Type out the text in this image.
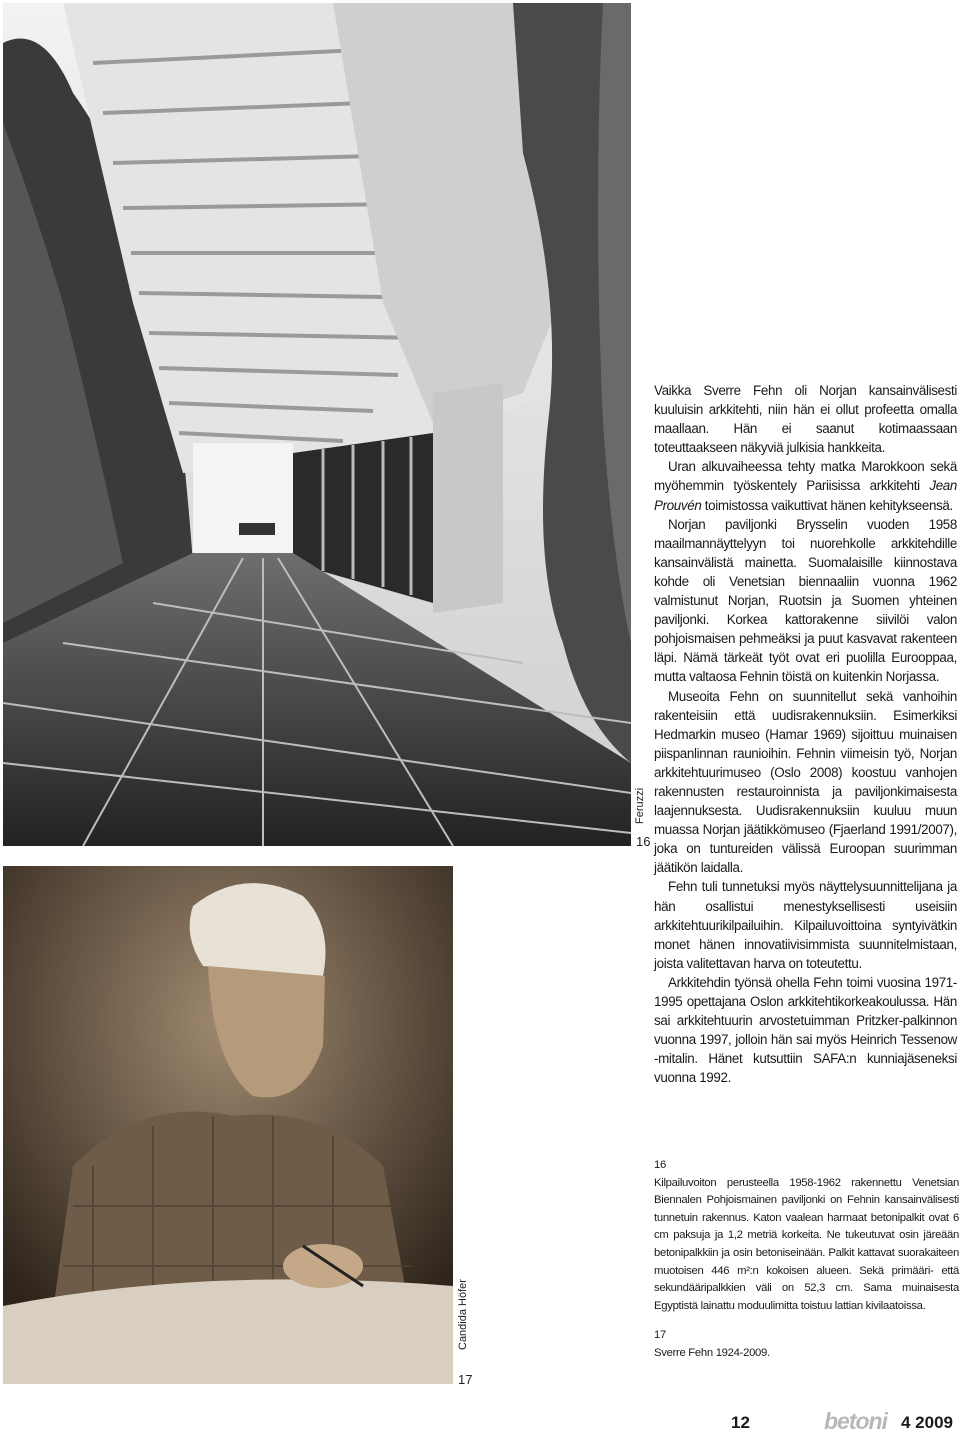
Feruzzi
16
Candida Höfer
17

Vaikka Sverre Fehn oli Norjan kansainvälisesti kuuluisin arkkitehti, niin hän ei ollut profeetta omalla maallaan. Hän ei saanut kotimaassaan toteuttaakseen näkyviä julkisia hankkeita.

Uran alkuvaiheessa tehty matka Marokkoon sekä myöhemmin työskentely Pariisissa arkkitehti Jean Prouvén toimistossa vaikuttivat hänen kehitykseensä.

Norjan paviljonki Brysselin vuoden 1958 maailmannäyttelyyn toi nuorehkolle arkkitehdille kansainvälistä mainetta. Suomalaisille kiinnostava kohde oli Venetsian biennaaliin vuonna 1962 valmistunut Norjan, Ruotsin ja Suomen yhteinen paviljonki. Korkea kattorakenne siivilöi valon pohjoismaisen pehmeäksi ja puut kasvavat rakenteen läpi. Nämä tärkeät työt ovat eri puolilla Eurooppaa, mutta valtaosa Fehnin töistä on kuitenkin Norjassa.

Museoita Fehn on suunnitellut sekä vanhoihin rakenteisiin että uudisrakennuksiin. Esimerkiksi Hedmarkin museo (Hamar 1969) sijoittuu muinaisen piispanlinnan raunioihin. Fehnin viimeisin työ, Norjan arkkitehtuurimuseo (Oslo 2008) koostuu vanhojen rakennusten restauroinnista ja paviljonkimaisesta laajennuksesta. Uudisrakennuksiin kuuluu muun muassa Norjan jäätikkömuseo (Fjaerland 1991/2007), joka on tuntureiden välissä Euroopan suurimman jäätikön laidalla.

Fehn tuli tunnetuksi myös näyttelysuunnittelijana ja hän osallistui menestyksellisesti useisiin arkkitehtuurikilpailuihin. Kilpailuvoittoina syntyivätkin monet hänen innovatiivisimmista suunnitelmistaan, joista valitettavan harva on toteutettu.

Arkkitehdin työnsä ohella Fehn toimi vuosina 1971-1995 opettajana Oslon arkkitehtikorkeakoulussa. Hän sai arkkitehtuurin arvostetuimman Pritzker-palkinnon vuonna 1997, jolloin hän sai myös Heinrich Tessenow -mitalin. Hänet kutsuttiin SAFA:n kunniajäseneksi vuonna 1992.

16
Kilpailuvoiton perusteella 1958-1962 rakennettu Venetsian Biennalen Pohjoismainen paviljonki on Fehnin kansainvälisesti tunnetuin rakennus. Katon vaalean harmaat betonipalkit ovat 6 cm paksuja ja 1,2 metriä korkeita. Ne tukeutuvat osin järeään betonipalkkiin ja osin betoniseinään. Palkit kattavat suorakaiteen muotoisen 446 m²:n kokoisen alueen. Sekä primääri- että sekundääripalkkien väli on 52,3 cm. Sama muinaisesta Egyptistä lainattu moduulimitta toistuu lattian kivilaatoissa.
17
Sverre Fehn 1924-2009.
12	betoni 4 2009
